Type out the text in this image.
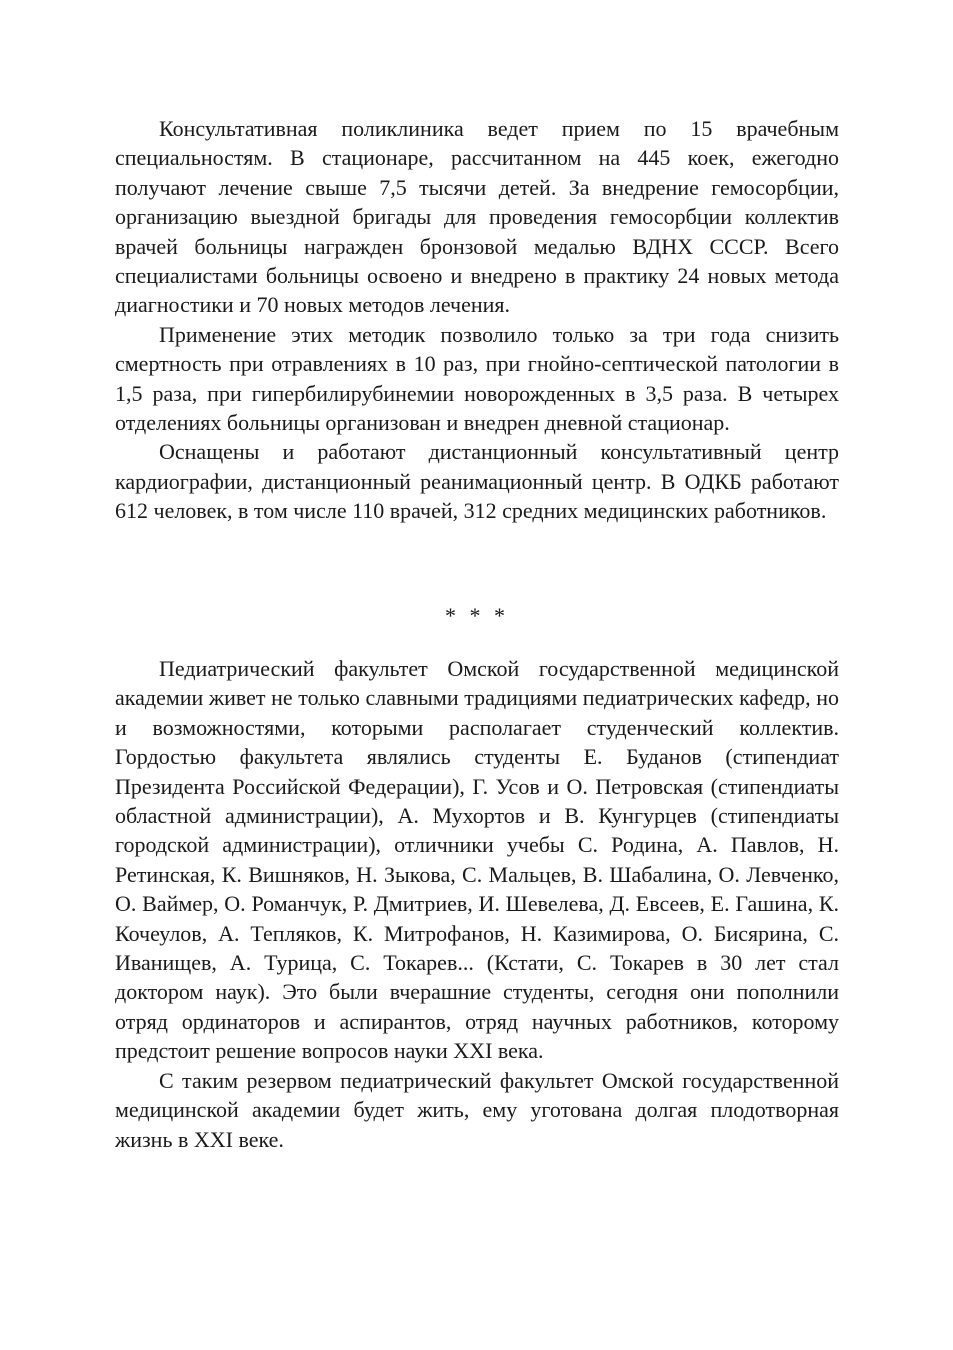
Консультативная поликлиника ведет прием по 15 врачебным специальностям. В стационаре, рассчитанном на 445 коек, ежегодно получают лечение свыше 7,5 тысячи детей. За внедрение гемосорбции, организацию выездной бригады для проведения гемосорбции коллектив врачей больницы награжден бронзовой медалью ВДНХ СССР. Всего специалистами больницы освоено и внедрено в практику 24 новых метода диагностики и 70 новых методов лечения.

Применение этих методик позволило только за три года снизить смертность при отравлениях в 10 раз, при гнойно-септической патологии в 1,5 раза, при гипербилирубинемии новорожденных в 3,5 раза. В четырех отделениях больницы организован и внедрен дневной стационар.

Оснащены и работают дистанционный консультативный центр кардиографии, дистанционный реанимационный центр. В ОДКБ работают 612 человек, в том числе 110 врачей, 312 средних медицинских работников.

* * *

Педиатрический факультет Омской государственной медицинской академии живет не только славными традициями педиатрических кафедр, но и возможностями, которыми располагает студенческий коллектив. Гордостью факультета являлись студенты Е. Буданов (стипендиат Президента Российской Федерации), Г. Усов и О. Петровская (стипендиаты областной администрации), А. Мухортов и В. Кунгурцев (стипендиаты городской администрации), отличники учебы С. Родина, А. Павлов, Н. Ретинская, К. Вишняков, Н. Зыкова, С. Мальцев, В. Шабалина, О. Левченко, О. Ваймер, О. Романчук, Р. Дмитриев, И. Шевелева, Д. Евсеев, Е. Гашина, К. Кочеулов, А. Тепляков, К. Митрофанов, Н. Казимирова, О. Бисярина, С. Иванищев, А. Турица, С. Токарев... (Кстати, С. Токарев в 30 лет стал доктором наук). Это были вчерашние студенты, сегодня они пополнили отряд ординаторов и аспирантов, отряд научных работников, которому предстоит решение вопросов науки XXI века.

С таким резервом педиатрический факультет Омской государственной медицинской академии будет жить, ему уготована долгая плодотворная жизнь в XXI веке.
